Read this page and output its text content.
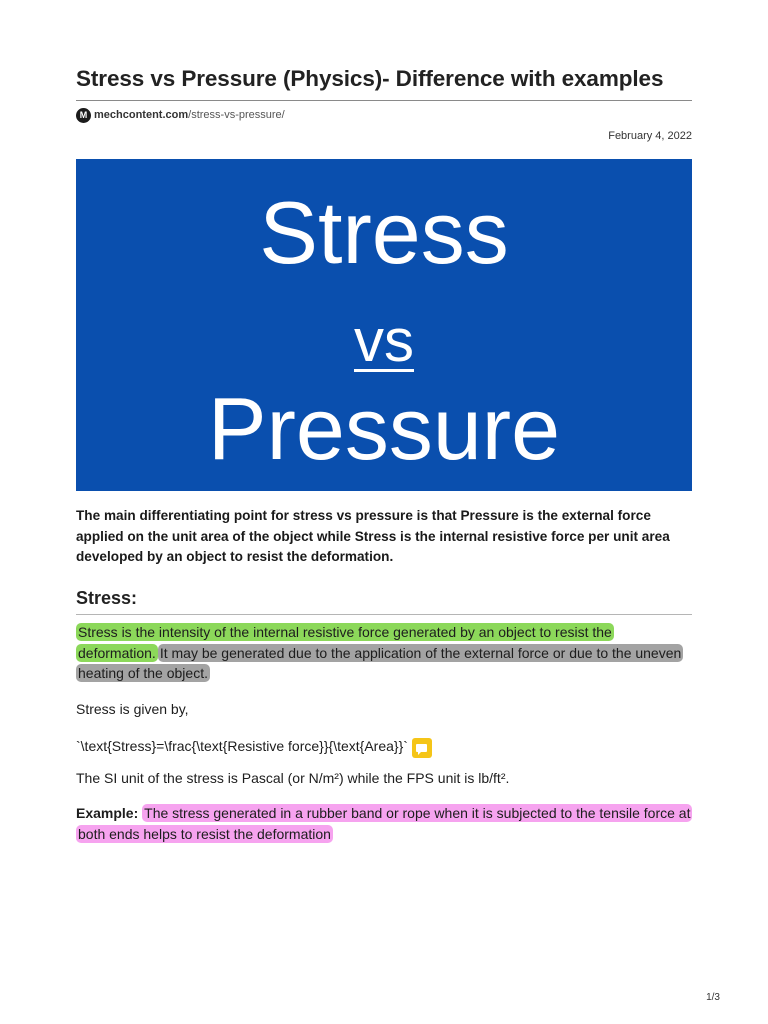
Stress vs Pressure (Physics)- Difference with examples
M mechcontent.com /stress-vs-pressure/
February 4, 2022
Stress
vs
Pressure
The main differentiating point for stress vs pressure is that Pressure is the external force applied on the unit area of the object while Stress is the internal resistive force per unit area developed by an object to resist the deformation.
Stress:
Stress is the intensity of the internal resistive force generated by an object to resist the deformation. It may be generated due to the application of the external force or due to the uneven heating of the object.
Stress is given by,
`\text{Stress}=\frac{\text{Resistive force}}{\text{Area}}`
The SI unit of the stress is Pascal (or N/m²) while the FPS unit is lb/ft².
Example: The stress generated in a rubber band or rope when it is subjected to the tensile force at both ends helps to resist the deformation
1/3
